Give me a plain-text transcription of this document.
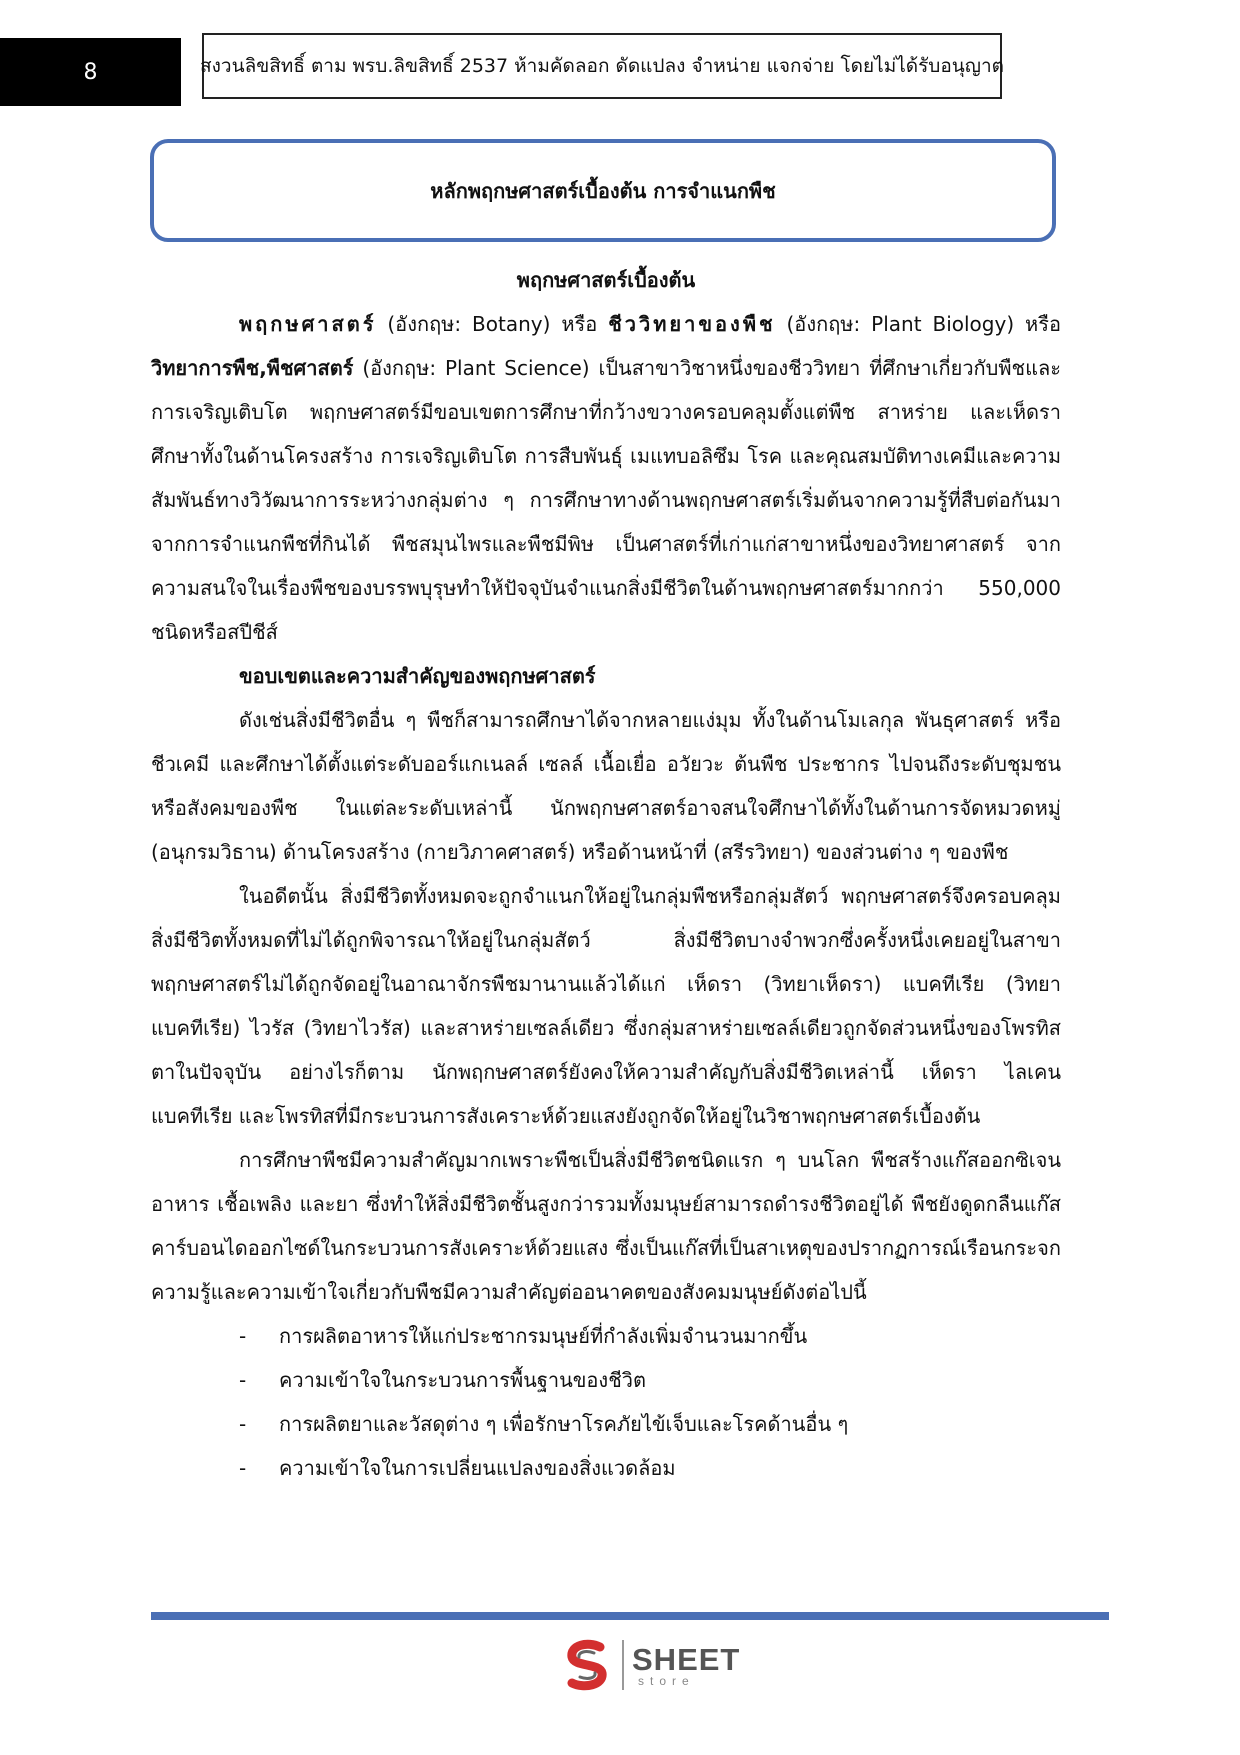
8	สงวนลิขสิทธิ์ ตาม พรบ.ลิขสิทธิ์ 2537 ห้ามคัดลอก ดัดแปลง จำหน่าย แจกจ่าย โดยไม่ได้รับอนุญาต
หลักพฤกษศาสตร์เบื้องต้น การจำแนกพืช

พฤกษศาสตร์เบื้องต้น

พฤกษศาสตร์ (อังกฤษ: Botany) หรือ ชีววิทยาของพืช (อังกฤษ: Plant Biology) หรือ วิทยาการพืช,พืชศาสตร์ (อังกฤษ: Plant Science) เป็นสาขาวิชาหนึ่งของชีววิทยา ที่ศึกษาเกี่ยวกับพืชและการเจริญเติบโต พฤกษศาสตร์มีขอบเขตการศึกษาที่กว้างขวางครอบคลุมตั้งแต่พืช สาหร่าย และเห็ดรา ศึกษาทั้งในด้านโครงสร้าง การเจริญเติบโต การสืบพันธุ์ เมแทบอลิซึม โรค และคุณสมบัติทางเคมีและความสัมพันธ์ทางวิวัฒนาการระหว่างกลุ่มต่าง ๆ การศึกษาทางด้านพฤกษศาสตร์เริ่มต้นจากความรู้ที่สืบต่อกันมา จากการจำแนกพืชที่กินได้ พืชสมุนไพรและพืชมีพิษ เป็นศาสตร์ที่เก่าแก่สาขาหนึ่งของวิทยาศาสตร์ จากความสนใจในเรื่องพืชของบรรพบุรุษทำให้ปัจจุบันจำแนกสิ่งมีชีวิตในด้านพฤกษศาสตร์มากกว่า 550,000 ชนิดหรือสปีชีส์

ขอบเขตและความสำคัญของพฤกษศาสตร์

ดังเช่นสิ่งมีชีวิตอื่น ๆ พืชก็สามารถศึกษาได้จากหลายแง่มุม ทั้งในด้านโมเลกุล พันธุศาสตร์ หรือชีวเคมี และศึกษาได้ตั้งแต่ระดับออร์แกเนลล์ เซลล์ เนื้อเยื่อ อวัยวะ ต้นพืช ประชากร ไปจนถึงระดับชุมชนหรือสังคมของพืช ในแต่ละระดับเหล่านี้ นักพฤกษศาสตร์อาจสนใจศึกษาได้ทั้งในด้านการจัดหมวดหมู่ (อนุกรมวิธาน) ด้านโครงสร้าง (กายวิภาคศาสตร์) หรือด้านหน้าที่ (สรีรวิทยา) ของส่วนต่าง ๆ ของพืช

ในอดีตนั้น สิ่งมีชีวิตทั้งหมดจะถูกจำแนกให้อยู่ในกลุ่มพืชหรือกลุ่มสัตว์ พฤกษศาสตร์จึงครอบคลุมสิ่งมีชีวิตทั้งหมดที่ไม่ได้ถูกพิจารณาให้อยู่ในกลุ่มสัตว์ สิ่งมีชีวิตบางจำพวกซึ่งครั้งหนึ่งเคยอยู่ในสาขาพฤกษศาสตร์ไม่ได้ถูกจัดอยู่ในอาณาจักรพืชมานานแล้วได้แก่ เห็ดรา (วิทยาเห็ดรา) แบคทีเรีย (วิทยาแบคทีเรีย) ไวรัส (วิทยาไวรัส) และสาหร่ายเซลล์เดียว ซึ่งกลุ่มสาหร่ายเซลล์เดียวถูกจัดส่วนหนึ่งของโพรทิสตาในปัจจุบัน อย่างไรก็ตาม นักพฤกษศาสตร์ยังคงให้ความสำคัญกับสิ่งมีชีวิตเหล่านี้ เห็ดรา ไลเคน แบคทีเรีย และโพรทิสที่มีกระบวนการสังเคราะห์ด้วยแสงยังถูกจัดให้อยู่ในวิชาพฤกษศาสตร์เบื้องต้น

การศึกษาพืชมีความสำคัญมากเพราะพืชเป็นสิ่งมีชีวิตชนิดแรก ๆ บนโลก พืชสร้างแก๊สออกซิเจน อาหาร เชื้อเพลิง และยา ซึ่งทำให้สิ่งมีชีวิตชั้นสูงกว่ารวมทั้งมนุษย์สามารถดำรงชีวิตอยู่ได้ พืชยังดูดกลืนแก๊สคาร์บอนไดออกไซด์ในกระบวนการสังเคราะห์ด้วยแสง ซึ่งเป็นแก๊สที่เป็นสาเหตุของปรากฏการณ์เรือนกระจก ความรู้และความเข้าใจเกี่ยวกับพืชมีความสำคัญต่ออนาคตของสังคมมนุษย์ดังต่อไปนี้

- การผลิตอาหารให้แก่ประชากรมนุษย์ที่กำลังเพิ่มจำนวนมากขึ้น
- ความเข้าใจในกระบวนการพื้นฐานของชีวิต
- การผลิตยาและวัสดุต่าง ๆ เพื่อรักษาโรคภัยไข้เจ็บและโรคด้านอื่น ๆ
- ความเข้าใจในการเปลี่ยนแปลงของสิ่งแวดล้อม
SHEET
store
